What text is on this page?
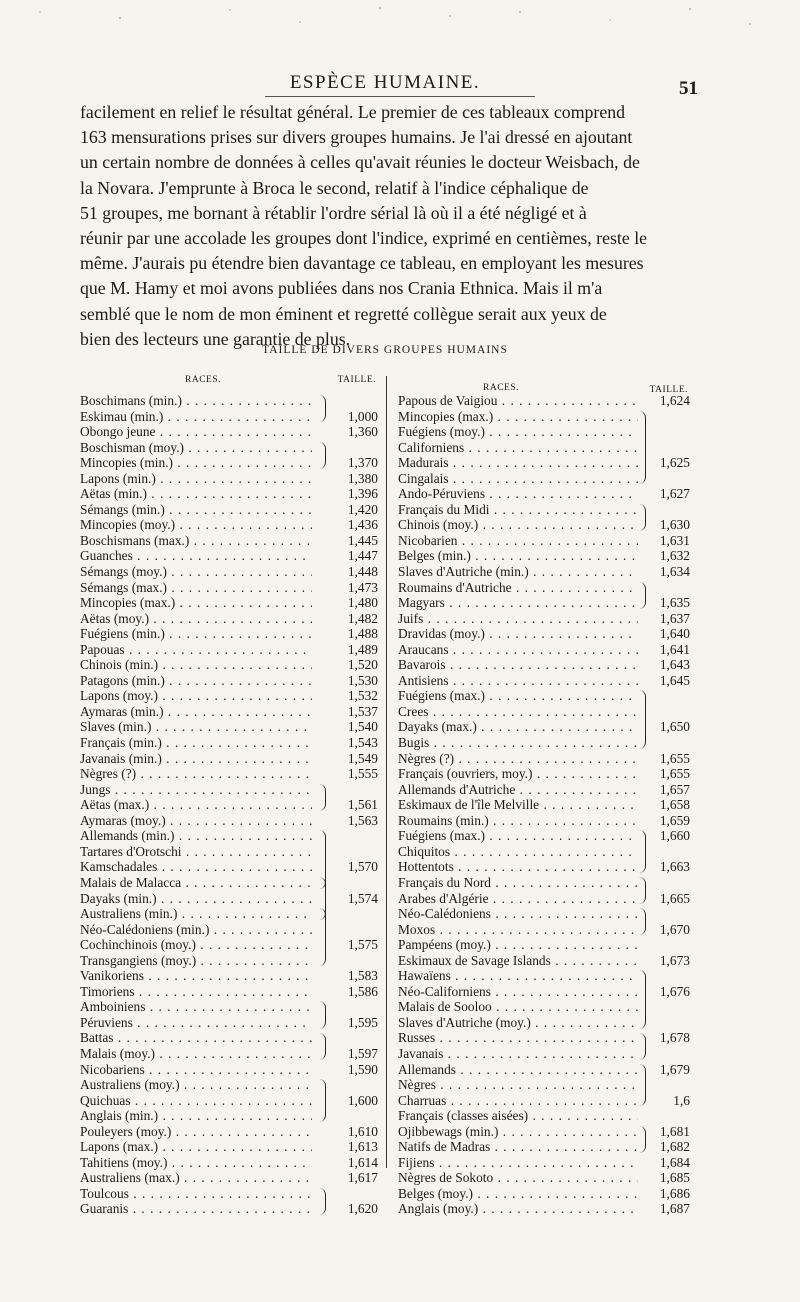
ESPÈCE HUMAINE.	51
facilement en relief le résultat général. Le premier de ces tableaux comprend
163 mensurations prises sur divers groupes humains. Je l'ai dressé en ajoutant
un certain nombre de données à celles qu'avait réunies le docteur Weisbach, de
la Novara. J'emprunte à Broca le second, relatif à l'indice céphalique de
51 groupes, me bornant à rétablir l'ordre sérial là où il a été négligé et à
réunir par une accolade les groupes dont l'indice, exprimé en centièmes, reste le
même. J'aurais pu étendre bien davantage ce tableau, en employant les mesures
que M. Hamy et moi avons publiées dans nos Crania Ethnica. Mais il m'a
semblé que le nom de mon éminent et regretté collègue serait aux yeux de
bien des lecteurs une garantie de plus.
TAILLE DE DIVERS GROUPES HUMAINS
RACES.	TAILLE.
Boschimans (min.) . . .
Eskimau (min.) . . .	1,000
Obongo jeune . . .	1,360
Boschisman (moy.) . . .
Mincopies (min.) . . .	1,370
Lapons (min.) . . .	1,380
Aëtas (min.) . . .	1,396
Sémangs (min.) . . .	1,420
Mincopies (moy.) . . .	1,436
Boschismans (max.) . . .	1,445
Guanches . . .	1,447
Sémangs (moy.) . . .	1,448
Sémangs (max.) . . .	1,473
Mincopies (max.) . . .	1,480
Aëtas (moy.) . . .	1,482
Fuégiens (min.) . . .	1,488
Papouas . . .	1,489
Chinois (min.) . . .	1,520
Patagons (min.) . . .	1,530
Lapons (moy.) . . .	1,532
Aymaras (min.) . . .	1,537
Slaves (min.) . . .	1,540
Français (min.) . . .	1,543
Javanais (min.) . . .	1,549
Nègres (?) . . .	1,555
Jungs . . .
Aëtas (max.) . . .	1,561
Aymaras (moy.) . . .	1,563
Allemands (min.) . . .
Tartares d'Orotschi . . .
Kamschadales . . .	1,570
Malais de Malacca . . .
Dayaks (min.) . . .	1,574
Australiens (min.) . . .
Néo-Calédoniens (min.) . . .
Cochinchinois (moy.) . . .	1,575
Transgangiens (moy.) . . .
Vanikoriens . . .	1,583
Timoriens . . .	1,586
Amboiniens . . .
Péruviens . . .	1,595
Battas . . .
Malais (moy.) . . .	1,597
Nicobariens . . .	1,590
Australiens (moy.) . . .
Quichuas . . .	1,600
Anglais (min.) . . .
Pouleyers (moy.) . . .	1,610
Lapons (max.) . . .	1,613
Tahitiens (moy.) . . .	1,614
Australiens (max.) . . .	1,617
Toulcous . . .
Guaranis . . .	1,620
RACES.	TAILLE.
Papous de Vaigiou . . .	1,624
Mincopies (max.) . . .
Fuégiens (moy.) . . .
Californiens . . .
Madurais . . .	1,625
Cingalais . . .
Ando-Péruviens . . .	1,627
Français du Midi . . .
Chinois (moy.) . . .	1,630
Nicobarien . . .	1,631
Belges (min.) . . .	1,632
Slaves d'Autriche (min.) . . .	1,634
Roumains d'Autriche . . .
Magyars . . .	1,635
Juifs . . .	1,637
Dravidas (moy.) . . .	1,640
Araucans . . .	1,641
Bavarois . . .	1,643
Antisiens . . .	1,645
Fuégiens (max.) . . .
Crees . . .
Dayaks (max.) . . .	1,650
Bugis . . .
Nègres (?) . . .	1,655
Français (ouvriers, moy.) . . .	1,655
Allemands d'Autriche . . .	1,657
Eskimaux de l'île Melville . . .	1,658
Roumains (min.) . . .	1,659
Fuégiens (max.) . . .	1,660
Chiquitos . . .
Hottentots . . .	1,663
Français du Nord . . .
Arabes d'Algérie . . .	1,665
Néo-Calédoniens . . .
Moxos . . .	1,670
Pampéens (moy.) . . .
Eskimaux de Savage Islands . . .	1,673
Hawaïens . . .
Néo-Californiens . . .	1,676
Malais de Sooloo . . .
Slaves d'Autriche (moy.) . . .
Russes . . .	1,678
Javanais . . .
Allemands . . .	1,679
Nègres . . .
Charruas . . .	1,6
Français (classes aisées) . . .
Ojibbewags (min.) . . .	1,681
Natifs de Madras . . .	1,682
Fijiens . . .	1,684
Nègres de Sokoto . . .	1,685
Belges (moy.) . . .	1,686
Anglais (moy.) . . .	1,687
